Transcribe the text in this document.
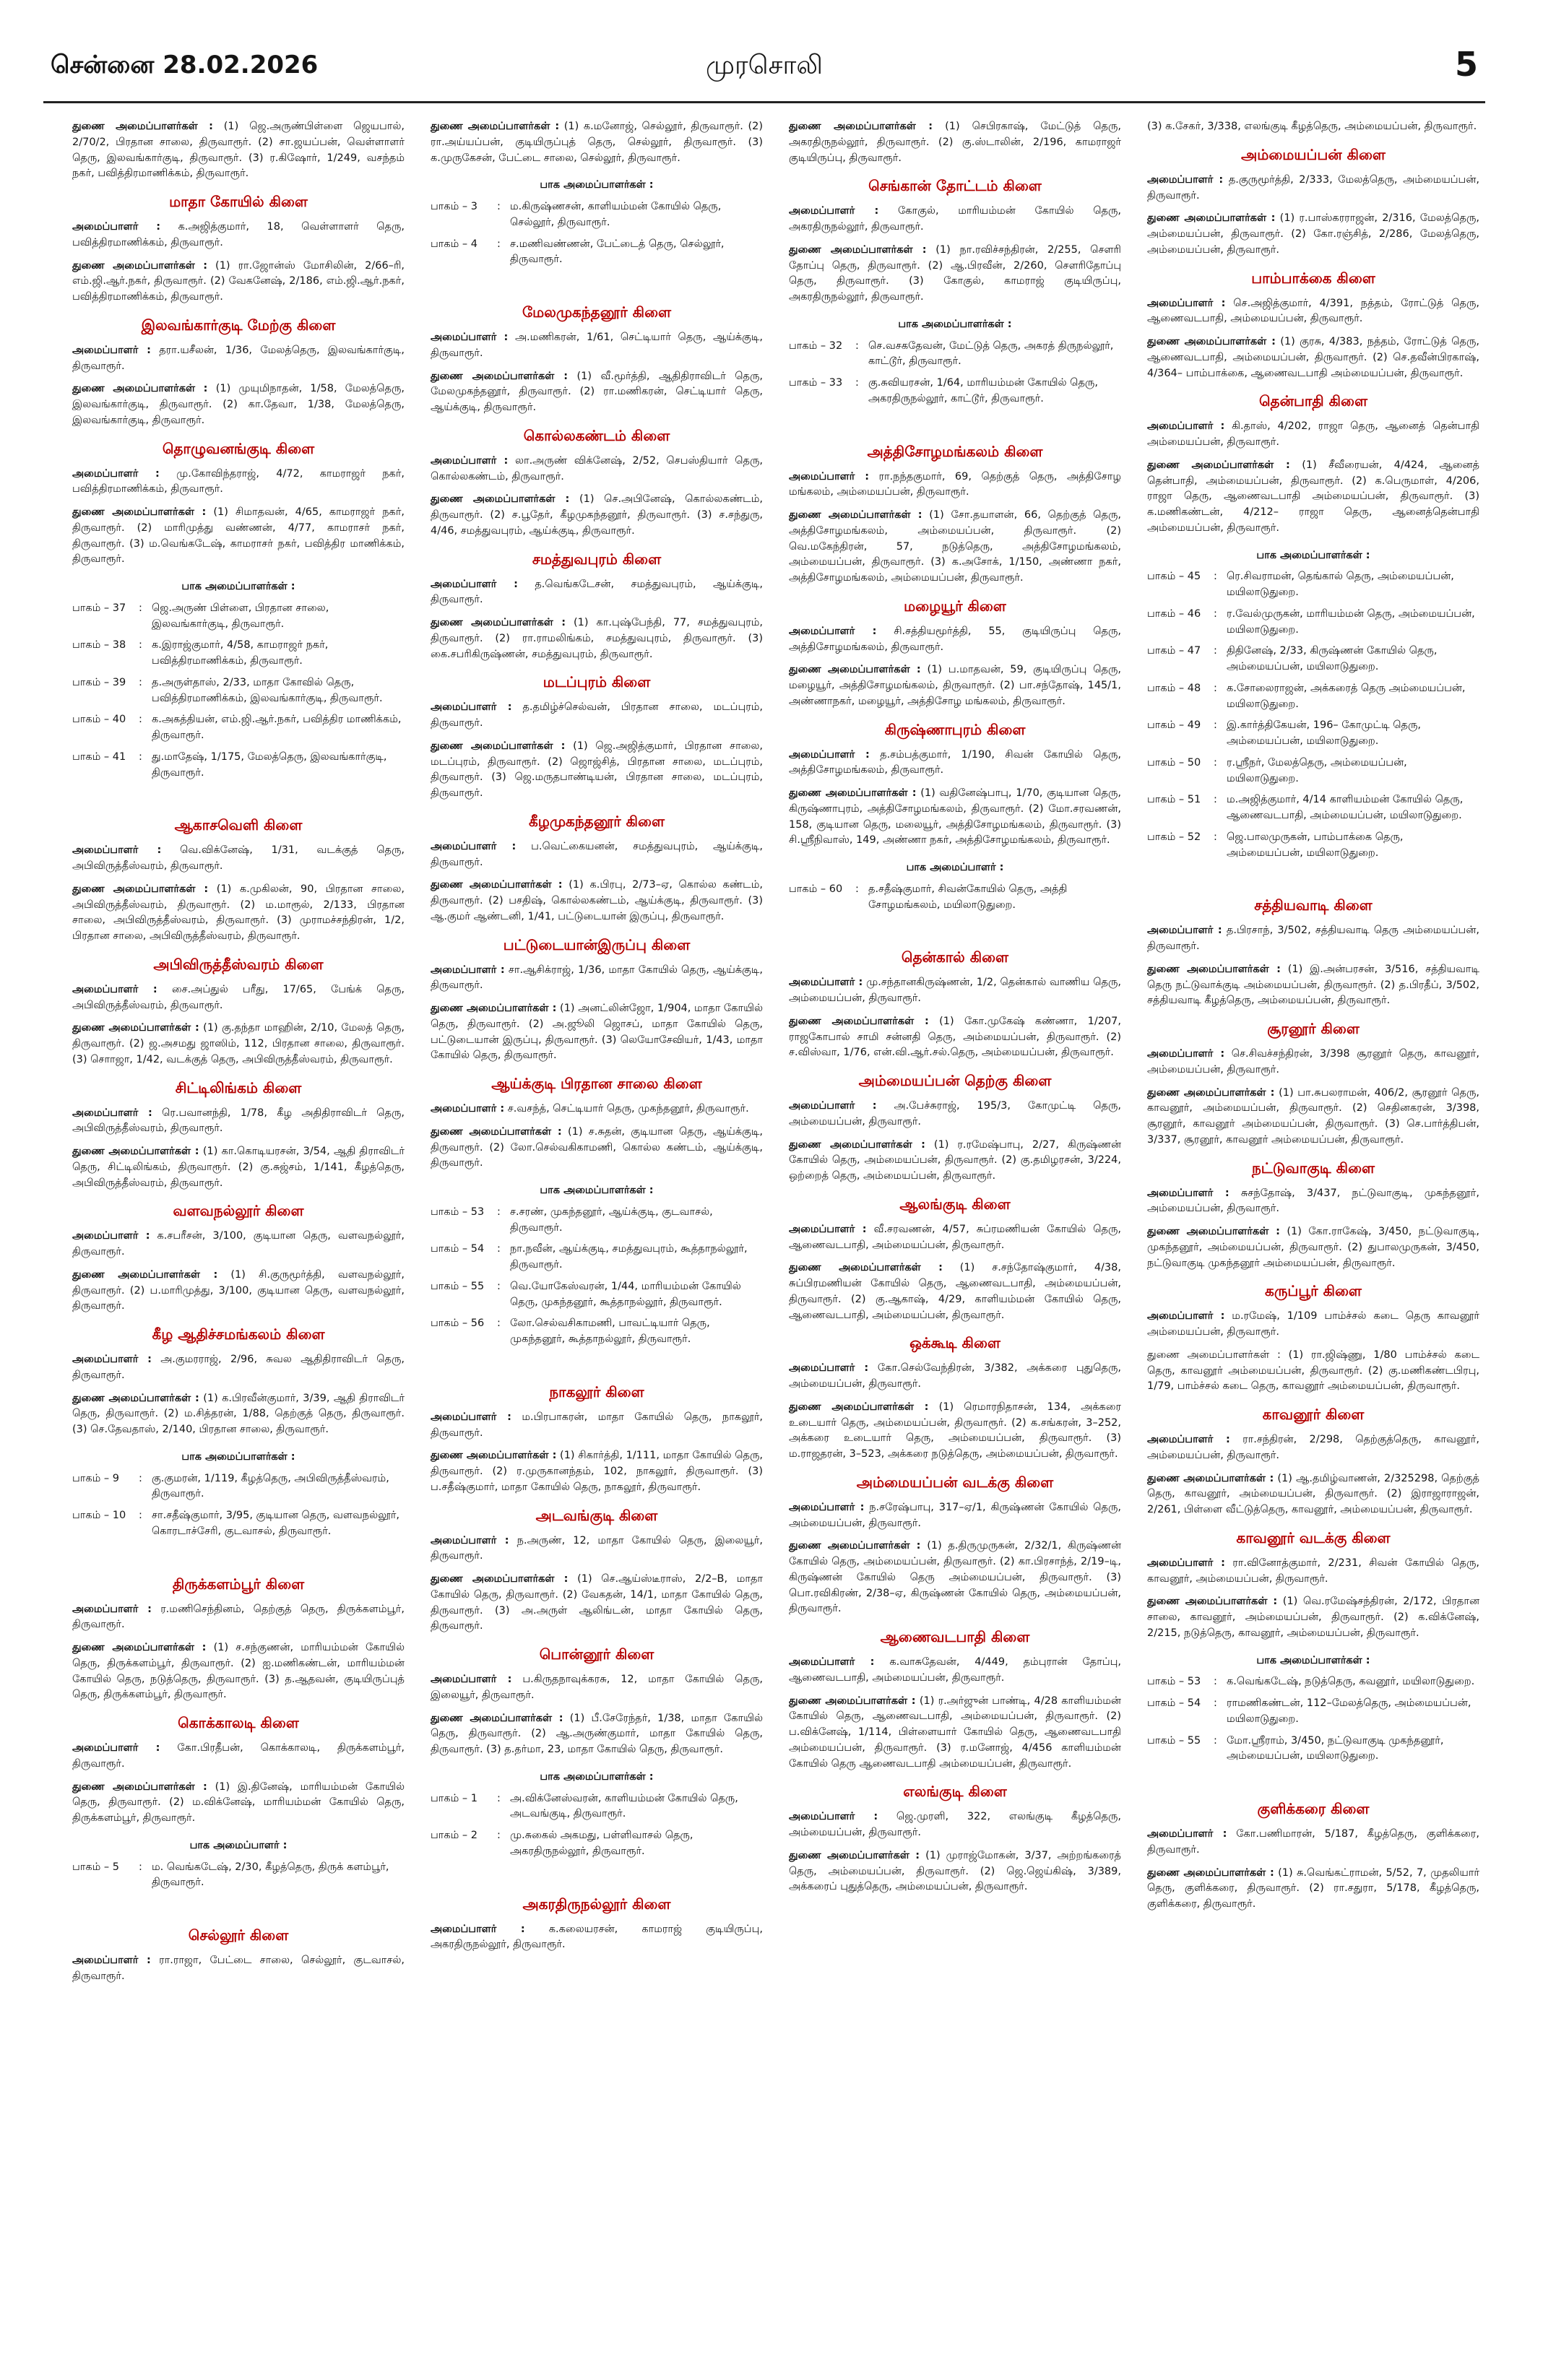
சென்னை 28.02.2026	முரசொலி	5

துணை அமைப்பாளர்கள் : (1) ஜெ.அருண்பிள்ளை ஜெயபால், 2/70/2, பிரதான சாலை, திருவாரூர். (2) சா.ஜயப்பன், வெள்ளாளர் தெரு, இலவங்கார்குடி, திருவாரூர். (3) ர.கிஷோர், 1/249, வசந்தம் நகர், பவித்திரமாணிக்கம், திருவாரூர்.

மாதா கோயில் கிளை

அமைப்பாளர் : க.அஜித்குமார், 18, வெள்ளாளர் தெரு, பவித்திரமாணிக்கம், திருவாரூர்.

துணை அமைப்பாளர்கள் : (1) ரா.ஜோன்ஸ் மோசிலின், 2/66–ரி, எம்.ஜி.ஆர்.நகர், திருவாரூர். (2) வேகனேஷ், 2/186, எம்.ஜி.ஆர்.நகர், பவித்திரமாணிக்கம், திருவாரூர்.

இலவங்கார்குடி மேற்கு கிளை

அமைப்பாளர் : தரா.யசீலன், 1/36, மேலத்தெரு, இலவங்கார்குடி, திருவாரூர்.

துணை அமைப்பாளர்கள் : (1) முயுமிநாதன், 1/58, மேலத்தெரு, இலவங்கார்குடி, திருவாரூர். (2) கா.தேவா, 1/38, மேலத்தெரு, இலவங்கார்குடி, திருவாரூர்.

தொழுவனங்குடி கிளை

அமைப்பாளர் : மு.கோவிந்தராஜ், 4/72, காமராஜர் நகர், பவித்திரமாணிக்கம், திருவாரூர்.

துணை அமைப்பாளர்கள் : (1) சிமாதவன், 4/65, காமராஜர் நகர், திருவாரூர். (2) மாரிமுத்து வண்ணன், 4/77, காமராசர் நகர், திருவாரூர். (3) ம.வெங்கடேஷ், காமராசர் நகர், பவித்திர மாணிக்கம், திருவாரூர்.

பாக அமைப்பாளர்கள் :
பாகம் – 37	: ஜெ.அருண் பிள்ளை, பிரதான சாலை, இலவங்கார்குடி, திருவாரூர்.
பாகம் – 38	: க.இராஜ்குமார், 4/58, காமராஜர் நகர், பவித்திரமாணிக்கம், திருவாரூர்.
பாகம் – 39	: த.அருள்தாஸ், 2/33, மாதா கோவில் தெரு, பவித்திரமாணிக்கம், இலவங்கார்குடி, திருவாரூர்.
பாகம் – 40	: க.அகத்தியன், எம்.ஜி.ஆர்.நகர், பவித்திர மாணிக்கம், திருவாரூர்.
பாகம் – 41	: து.மாதேஷ், 1/175, மேலத்தெரு, இலவங்கார்குடி, திருவாரூர்.
ஆகாசவெளி கிளை

அமைப்பாளர் : வெ.விக்னேஷ், 1/31, வடக்குத் தெரு, அபிவிருத்தீஸ்வரம், திருவாரூர்.

துணை அமைப்பாளர்கள் : (1) க.முகிலன், 90, பிரதான சாலை, அபிவிருத்தீஸ்வரம், திருவாரூர். (2) ம.மாரூல், 2/133, பிரதான சாலை, அபிவிருத்தீஸ்வரம், திருவாரூர். (3) முராமச்சந்திரன், 1/2, பிரதான சாலை, அபிவிருத்தீஸ்வரம், திருவாரூர்.

அபிவிருத்தீஸ்வரம் கிளை

அமைப்பாளர் : சை.அப்துல் பரீது, 17/65, பேங்க் தெரு, அபிவிருத்தீஸ்வரம், திருவாரூர்.

துணை அமைப்பாளர்கள் : (1) கு.தந்தா மாஹின், 2/10, மேலத் தெரு, திருவாரூர். (2) ஜ.அசமது ஜாஸிம், 112, பிரதான சாலை, திருவாரூர். (3) சொாஜா, 1/42, வடக்குத் தெரு, அபிவிருத்தீஸ்வரம், திருவாரூர்.

சிட்டிலிங்கம் கிளை

அமைப்பாளர் : ரெ.பவானந்தி, 1/78, கீழ அதிதிராவிடர் தெரு, அபிவிருத்தீஸ்வரம், திருவாரூர்.

துணை அமைப்பாளர்கள் : (1) கா.கொடியரசன், 3/54, ஆதி திராவிடர் தெரு, சிட்டிலிங்கம், திருவாரூர். (2) கு.சுஜ்சம், 1/141, கீழத்தெரு, அபிவிருத்தீஸ்வரம், திருவாரூர்.

வளவநல்லூர் கிளை

அமைப்பாளர் : க.சபரீசன், 3/100, குடியான தெரு, வளவநல்லூர், திருவாரூர்.

துணை அமைப்பாளர்கள் : (1) சி.குருமூர்த்தி, வளவநல்லூர், திருவாரூர். (2) ப.மாரிமுத்து, 3/100, குடியான தெரு, வளவநல்லூர், திருவாரூர்.

கீழ ஆதிச்சமங்கலம் கிளை

அமைப்பாளர் : அ.குமரராஜ், 2/96, சுவல ஆதிதிராவிடர் தெரு, திருவாரூர்.

துணை அமைப்பாளர்கள் : (1) க.பிரவீன்குமார், 3/39, ஆதி திராவிடர் தெரு, திருவாரூர். (2) ம.சித்தரன், 1/88, தெற்குத் தெரு, திருவாரூர். (3) செ.தேவதாஸ், 2/140, பிரதான சாலை, திருவாரூர்.

பாக அமைப்பாளர்கள் :
பாகம் – 9	: கு.குமரன், 1/119, கீழத்தெரு, அபிவிருத்தீஸ்வரம், திருவாரூர்.
பாகம் – 10	: சா.சதீஷ்குமார், 3/95, குடியான தெரு, வளவநல்லூர், கொரடாச்சேரி, குடவாசல், திருவாரூர்.
திருக்களம்பூர் கிளை

அமைப்பாளர் : ர.மணிசெந்தினம், தெற்குத் தெரு, திருக்களம்பூர், திருவாரூர்.

துணை அமைப்பாளர்கள் : (1) ச.சந்குணன், மாரியம்மன் கோயில் தெரு, திருக்களம்பூர், திருவாரூர். (2) ஐ.மணிகண்டன், மாரியம்மன் கோயில் தெரு, நடுத்தெரு, திருவாரூர். (3) த.ஆதவன், குடியிருப்புத் தெரு, திருக்களம்பூர், திருவாரூர்.

கொக்காலடி கிளை

அமைப்பாளர் : கோ.பிரதீபன், கொக்காலடி, திருக்களம்பூர், திருவாரூர்.

துணை அமைப்பாளர்கள் : (1) இ.தினேஷ், மாரியம்மன் கோயில் தெரு, திருவாரூர். (2) ம.விக்னேஷ், மாரியம்மன் கோயில் தெரு, திருக்களம்பூர், திருவாரூர்.

பாக அமைப்பாளர் :
பாகம் – 5	: ம. வெங்கடேஷ், 2/30, கீழத்தெரு, திருக் களம்பூர், திருவாரூர்.
செல்லூர் கிளை

அமைப்பாளர் : ரா.ராஜா, பேட்டை சாலை, செல்லூர், குடவாசல், திருவாரூர்.

துணை அமைப்பாளர்கள் : (1) க.மனோஜ், செல்லூர், திருவாரூர். (2) ரா.அய்யப்பன், குடியிருப்புத் தெரு, செல்லூர், திருவாரூர். (3) க.முருகேசன், பேட்டை சாலை, செல்லூர், திருவாரூர்.

பாக அமைப்பாளர்கள் :
பாகம் – 3	: ம.கிருஷ்ணசன், காளியம்மன் கோயில் தெரு, செல்லூர், திருவாரூர்.
பாகம் – 4	: ச.மணிவண்ணன், பேட்டைத் தெரு, செல்லூர், திருவாரூர்.
மேலமுகந்தனூர் கிளை

அமைப்பாளர் : அ.மணிகரன், 1/61, செட்டியார் தெரு, ஆய்க்குடி, திருவாரூர்.

துணை அமைப்பாளர்கள் : (1) வீ.மூர்த்தி, ஆதிதிராவிடர் தெரு, மேலமுகந்தனூர், திருவாரூர். (2) ரா.மணிகரன், செட்டியார் தெரு, ஆய்க்குடி, திருவாரூர்.

கொல்லகண்டம் கிளை

அமைப்பாளர் : லா.அருண் விக்னேஷ், 2/52, செபஸ்தியார் தெரு, கொல்லகண்டம், திருவாரூர்.

துணை அமைப்பாளர்கள் : (1) செ.அபினேஷ், கொல்லகண்டம், திருவாரூர். (2) ச.பூதேர், கீழமுகந்தனூர், திருவாரூர். (3) ச.சந்துரு, 4/46, சமத்துவபுரம், ஆய்க்குடி, திருவாரூர்.

சமத்துவபுரம் கிளை

அமைப்பாளர் : த.வெங்கடேசன், சமத்துவபுரம், ஆய்க்குடி, திருவாரூர்.

துணை அமைப்பாளர்கள் : (1) கா.புஷ்பேந்தி, 77, சமத்துவபுரம், திருவாரூர். (2) ரா.ராமலிங்கம், சமத்துவபுரம், திருவாரூர். (3) கை.சபரிகிருஷ்ணன், சமத்துவபுரம், திருவாரூர்.

மடப்புரம் கிளை

அமைப்பாளர் : த.தமிழ்ச்செல்வன், பிரதான சாலை, மடப்புரம், திருவாரூர்.

துணை அமைப்பாளர்கள் : (1) ஜெ.அஜித்குமார், பிரதான சாலை, மடப்புரம், திருவாரூர். (2) ஜொஜ்சித், பிரதான சாலை, மடப்புரம், திருவாரூர். (3) ஜெ.மருதபாண்டியன், பிரதான சாலை, மடப்புரம், திருவாரூர்.

கீழமுகந்தனூர் கிளை

அமைப்பாளர் : ப.வெட்கையனன், சமத்துவபுரம், ஆய்க்குடி, திருவாரூர்.

துணை அமைப்பாளர்கள் : (1) க.பிரபு, 2/73–ஏ, கொல்ல கண்டம், திருவாரூர். (2) பசதிஷ், கொல்லகண்டம், ஆய்க்குடி, திருவாரூர். (3) ஆ.குமர் ஆண்டனி, 1/41, பட்டுடையான் இருப்பு, திருவாரூர்.

பட்டுடையான்இருப்பு கிளை

அமைப்பாளர் : சா.ஆசிக்ராஜ், 1/36, மாதா கோயில் தெரு, ஆய்க்குடி, திருவாரூர்.

துணை அமைப்பாளர்கள் : (1) அனட்லின்ஜோ, 1/904, மாதா கோயில் தெரு, திருவாரூர். (2) அ.ஜூலி ஜொசப், மாதா கோயில் தெரு, பட்டுடையான் இருப்பு, திருவாரூர். (3) லெயோசேவியர், 1/43, மாதா கோயில் தெரு, திருவாரூர்.

ஆய்க்குடி பிரதான சாலை கிளை

அமைப்பாளர் : ச.வசந்த், செட்டியார் தெரு, முகந்தனூர், திருவாரூர்.

துணை அமைப்பாளர்கள் : (1) ச.சுதன், குடியான தெரு, ஆய்க்குடி, திருவாரூர். (2) லோ.செல்வகிகாமணி, கொல்ல கண்டம், ஆய்க்குடி, திருவாரூர்.

பாக அமைப்பாளர்கள் :
பாகம் – 53	: ச.சரண், முகந்தனூர், ஆய்க்குடி, குடவாசல், திருவாரூர்.
பாகம் – 54	: நா.நவீன், ஆய்க்குடி, சமத்துவபுரம், கூத்தாநல்லூர், திருவாரூர்.
பாகம் – 55	: வெ.யோகேஸ்வரன், 1/44, மாரியம்மன் கோயில் தெரு, முகந்தனூர், கூத்தாநல்லூர், திருவாரூர்.
பாகம் – 56	: லோ.செல்வசிகாமணி, பாவட்டியார் தெரு, முகந்தனூர், கூத்தாநல்லூர், திருவாரூர்.
நாகலூர் கிளை

அமைப்பாளர் : ம.பிரபாகரன், மாதா கோயில் தெரு, நாகலூர், திருவாரூர்.

துணை அமைப்பாளர்கள் : (1) சிகார்த்தி, 1/111, மாதா கோயில் தெரு, திருவாரூர். (2) ர.முருகானந்தம், 102, நாகலூர், திருவாரூர். (3) ப.சதீஷ்குமார், மாதா கோயில் தெரு, நாகலூர், திருவாரூர்.

அடவங்குடி கிளை

அமைப்பாளர் : ந.அருண், 12, மாதா கோயில் தெரு, இலையூர், திருவாரூர்.

துணை அமைப்பாளர்கள் : (1) செ.ஆய்ஸ்டீராஸ், 2/2–B, மாதா கோயில் தெரு, திருவாரூர். (2) வேகதன், 14/1, மாதா கோயில் தெரு, திருவாரூர். (3) அ.அருள் ஆலிங்டன், மாதா கோயில் தெரு, திருவாரூர்.

பொன்னூர் கிளை

அமைப்பாளர் : ப.கிருதநாவுக்கரசு, 12, மாதா கோயில் தெரு, இலையூர், திருவாரூர்.

துணை அமைப்பாளர்கள் : (1) பீ.சேரேந்தர், 1/38, மாதா கோயில் தெரு, திருவாரூர். (2) ஆ.அருண்குமார், மாதா கோயில் தெரு, திருவாரூர். (3) த.தர்மா, 23, மாதா கோயில் தெரு, திருவாரூர்.

பாக அமைப்பாளர்கள் :
பாகம் – 1	: அ.விக்னேஸ்வரன், காளியம்மன் கோயில் தெரு, அடவங்குடி, திருவாரூர்.
பாகம் – 2	: மு.சுகைல் அகமது, பள்ளிவாசல் தெரு, அகரதிருநல்லூர், திருவாரூர்.
அகரதிருநல்லூர் கிளை

அமைப்பாளர் : க.கலையரசன், காமராஜ் குடியிருப்பு, அகரதிருநல்லூர், திருவாரூர்.

துணை அமைப்பாளர்கள் : (1) செபிரகாஷ், மேட்டுத் தெரு, அகரதிருநல்லூர், திருவாரூர். (2) கு.ஸ்டாலின், 2/196, காமராஜர் குடியிருப்பு, திருவாரூர்.

செங்கான் தோட்டம் கிளை

அமைப்பாளர் : கோகுல், மாரியம்மன் கோயில் தெரு, அகரதிருநல்லூர், திருவாரூர்.

துணை அமைப்பாளர்கள் : (1) நா.ரவிச்சந்திரன், 2/255, சௌரி தோப்பு தெரு, திருவாரூர். (2) ஆ.பிரவீன், 2/260, சௌரிதோப்பு தெரு, திருவாரூர். (3) கோகுல், காமராஜ் குடியிருப்பு, அகரதிருநல்லூர், திருவாரூர்.

பாக அமைப்பாளர்கள் :
பாகம் – 32	: செ.வசகதேவன், மேட்டுத் தெரு, அகரத் திருநல்லூர், காட்டூர், திருவாரூர்.
பாகம் – 33	: கு.சுவியரசன், 1/64, மாரியம்மன் கோயில் தெரு, அகரதிருநல்லூர், காட்டூர், திருவாரூர்.
அத்திசோழமங்கலம் கிளை

அமைப்பாளர் : ரா.நந்தகுமார், 69, தெற்குத் தெரு, அத்திசோழ மங்கலம், அம்மையப்பன், திருவாரூர்.

துணை அமைப்பாளர்கள் : (1) சோ.தயாளன், 66, தெற்குத் தெரு, அத்திசோழமங்கலம், அம்மையப்பன், திருவாரூர். (2) வெ.மகேந்திரன், 57, நடுத்தெரு, அத்திசோழமங்கலம், அம்மையப்பன், திருவாரூர். (3) க.அசோக், 1/150, அண்ணா நகர், அத்திசோழமங்கலம், அம்மையப்பன், திருவாரூர்.

மழையூர் கிளை

அமைப்பாளர் : சி.சத்தியமூர்த்தி, 55, குடியிருப்பு தெரு, அத்திசோழமங்கலம், திருவாரூர்.

துணை அமைப்பாளர்கள் : (1) ப.மாதவன், 59, குடியிருப்பு தெரு, மழையூர், அத்திசோழமங்கலம், திருவாரூர். (2) பா.சந்தோஷ், 145/1, அண்ணாநகர், மழையூர், அத்திசோழ மங்கலம், திருவாரூர்.

கிருஷ்ணாபுரம் கிளை

அமைப்பாளர் : த.சம்பத்குமார், 1/190, சிவன் கோயில் தெரு, அத்திசோழமங்கலம், திருவாரூர்.

துணை அமைப்பாளர்கள் : (1) வதினேஷ்பாபு, 1/70, குடியான தெரு, கிருஷ்ணாபுரம், அத்திசோழமங்கலம், திருவாரூர். (2) மோ.சரவணன், 158, குடியான தெரு, மலையூர், அத்திசோழமங்கலம், திருவாரூர். (3) சி.ஸ்ரீநிவாஸ், 149, அண்ணா நகர், அத்திசோழமங்கலம், திருவாரூர்.

பாக அமைப்பாளர் :
பாகம் – 60	: த.சதீஷ்குமார், சிவன்கோயில் தெரு, அத்தி சோழமங்கலம், மயிலாடுதுறை.
தென்கால் கிளை

அமைப்பாளர் : மு.சந்தானகிருஷ்ணன், 1/2, தென்கால் வாணிய தெரு, அம்மையப்பன், திருவாரூர்.

துணை அமைப்பாளர்கள் : (1) கோ.முகேஷ் கண்ணா, 1/207, ராஜகோபால் சாமி சன்னதி தெரு, அம்மையப்பன், திருவாரூர். (2) ச.விஸ்வா, 1/76, என்.வி.ஆர்.சல்.தெரு, அம்மையப்பன், திருவாரூர்.

அம்மையப்பன் தெற்கு கிளை

அமைப்பாளர் : அ.பேச்சுராஜ், 195/3, கோமுட்டி தெரு, அம்மையப்பன், திருவாரூர்.

துணை அமைப்பாளர்கள் : (1) ர.ரமேஷ்பாபு, 2/27, கிருஷ்ணன் கோயில் தெரு, அம்மையப்பன், திருவாரூர். (2) கு.தமிழரசன், 3/224, ஒற்றைத் தெரு, அம்மையப்பன், திருவாரூர்.

ஆலங்குடி கிளை

அமைப்பாளர் : வீ.சரவணன், 4/57, சுப்ரமணியன் கோயில் தெரு, ஆணைவடபாதி, அம்மையப்பன், திருவாரூர்.

துணை அமைப்பாளர்கள் : (1) ச.சந்தோஷ்குமார், 4/38, சுப்பிரமணியன் கோயில் தெரு, ஆணைவடபாதி, அம்மையப்பன், திருவாரூர். (2) கு.ஆகாஷ், 4/29, காளியம்மன் கோயில் தெரு, ஆணைவடபாதி, அம்மையப்பன், திருவாரூர்.

ஒக்கூடி கிளை

அமைப்பாளர் : கோ.செல்வேந்திரன், 3/382, அக்கரை புதுதெரு, அம்மையப்பன், திருவாரூர்.

துணை அமைப்பாளர்கள் : (1) ரெமாரநிதாசன், 134, அக்கரை உடையார் தெரு, அம்மையப்பன், திருவாரூர். (2) க.சங்கரன், 3–252, அக்கரை உடையார் தெரு, அம்மையப்பன், திருவாரூர். (3) ம.ராஜதரன், 3–523, அக்கரை நடுத்தெரு, அம்மையப்பன், திருவாரூர்.

அம்மையப்பன் வடக்கு கிளை

அமைப்பாளர் : ந.சரேஷ்பாபு, 317–ஏ/1, கிருஷ்ணன் கோயில் தெரு, அம்மையப்பன், திருவாரூர்.

துணை அமைப்பாளர்கள் : (1) த.திருமுருகன், 2/32/1, கிருஷ்ணன் கோயில் தெரு, அம்மையப்பன், திருவாரூர். (2) கா.பிரசாந்த், 2/19–டி, கிருஷ்ணன் கோயில் தெரு அம்மையப்பன், திருவாரூர். (3) பொ.ரவிகிரண், 2/38–ஏ, கிருஷ்ணன் கோயில் தெரு, அம்மையப்பன், திருவாரூர்.

ஆணைவடபாதி கிளை

அமைப்பாளர் : க.வாசுதேவன், 4/449, தம்புரான் தோப்பு, ஆணைவடபாதி, அம்மையப்பன், திருவாரூர்.

துணை அமைப்பாளர்கள் : (1) ர.அர்ஜுன் பாண்டி, 4/28 காளியம்மன் கோயில் தெரு, ஆணைவடபாதி, அம்மையப்பன், திருவாரூர். (2) ப.விக்னேஷ், 1/114, பிள்ளையார் கோயில் தெரு, ஆணைவடபாதி அம்மையப்பன், திருவாரூர். (3) ர.மனோஜ், 4/456 காளியம்மன் கோயில் தெரு ஆணைவடபாதி அம்மையப்பன், திருவாரூர்.

எலங்குடி கிளை

அமைப்பாளர் : ஜெ.முரளி, 322, எலங்குடி கீழத்தெரு, அம்மையப்பன், திருவாரூர்.

துணை அமைப்பாளர்கள் : (1) முராஜ்மோகன், 3/37, அற்றங்கரைத் தெரு, அம்மையப்பன், திருவாரூர். (2) ஜெ.ஜெய்கிஷ், 3/389, அக்கரைப் புதுத்தெரு, அம்மையப்பன், திருவாரூர்.

(3) க.சேகர், 3/338, எலங்குடி கீழத்தெரு, அம்மையப்பன், திருவாரூர்.

அம்மையப்பன் கிளை

அமைப்பாளர் : த.குருமூர்த்தி, 2/333, மேலத்தெரு, அம்மையப்பன், திருவாரூர்.

துணை அமைப்பாளர்கள் : (1) ர.பாஸ்கரராஜன், 2/316, மேலத்தெரு, அம்மையப்பன், திருவாரூர். (2) கோ.ரஞ்சித், 2/286, மேலத்தெரு, அம்மையப்பன், திருவாரூர்.

பாம்பாக்கை கிளை

அமைப்பாளர் : செ.அஜித்குமார், 4/391, நத்தம், ரோட்டுத் தெரு, ஆணைவடபாதி, அம்மையப்பன், திருவாரூர்.

துணை அமைப்பாளர்கள் : (1) குரசு, 4/383, நத்தம், ரோட்டுத் தெரு, ஆணைவடபாதி, அம்மையப்பன், திருவாரூர். (2) செ.தவீன்பிரகாஷ், 4/364– பாம்பாக்கை, ஆணைவடபாதி அம்மையப்பன், திருவாரூர்.

தென்பாதி கிளை

அமைப்பாளர் : கி.தாஸ், 4/202, ராஜா தெரு, ஆனைத் தென்பாதி அம்மையப்பன், திருவாரூர்.

துணை அமைப்பாளர்கள் : (1) சீவீரையன், 4/424, ஆனைத் தென்பாதி, அம்மையப்பன், திருவாரூர். (2) க.பெருமாள், 4/206, ராஜா தெரு, ஆணைவடபாதி அம்மையப்பன், திருவாரூர். (3) க.மணிகண்டன், 4/212– ராஜா தெரு, ஆனைத்தென்பாதி அம்மையப்பன், திருவாரூர்.

பாக அமைப்பாளர்கள் :
பாகம் – 45	: ரெ.சிவராமன், தெங்கால் தெரு, அம்மையப்பன், மயிலாடுதுறை.
பாகம் – 46	: ர.வேல்முருகன், மாரியம்மன் தெரு, அம்மையப்பன், மயிலாடுதுறை.
பாகம் – 47	: திதினேஷ், 2/33, கிருஷ்ணன் கோயில் தெரு, அம்மையப்பன், மயிலாடுதுறை.
பாகம் – 48	: க.சோலைராஜன், அக்கரைத் தெரு அம்மையப்பன், மயிலாடுதுறை.
பாகம் – 49	: இ.கார்த்திகேயன், 196– கோமுட்டி தெரு, அம்மையப்பன், மயிலாடுதுறை.
பாகம் – 50	: ர.ஸ்ரீநர், மேலத்தெரு, அம்மையப்பன், மயிலாடுதுறை.
பாகம் – 51	: ம.அஜித்குமார், 4/14 காளியம்மன் கோயில் தெரு, ஆணைவடபாதி, அம்மையப்பன், மயிலாடுதுறை.
பாகம் – 52	: ஜெ.பாலமுருகன், பாம்பாக்கை தெரு, அம்மையப்பன், மயிலாடுதுறை.
சத்தியவாடி கிளை

அமைப்பாளர் : த.பிரசாந், 3/502, சத்தியவாடி தெரு அம்மையப்பன், திருவாரூர்.

துணை அமைப்பாளர்கள் : (1) இ.அன்பரசன், 3/516, சத்தியவாடி தெரு நட்டுவாக்குடி அம்மையப்பன், திருவாரூர். (2) த.பிரதீப், 3/502, சத்தியவாடி கீழத்தெரு, அம்மையப்பன், திருவாரூர்.

சூரனூர் கிளை

அமைப்பாளர் : செ.சிவச்சந்திரன், 3/398 சூரனூர் தெரு, காவனூர், அம்மையப்பன், திருவாரூர்.

துணை அமைப்பாளர்கள் : (1) பா.சுபலராமன், 406/2, சூரனூர் தெரு, காவனூர், அம்மையப்பன், திருவாரூர். (2) செதினகரன், 3/398, சூரனூர், காவனூர் அம்மையப்பன், திருவாரூர். (3) செ.பார்த்திபன், 3/337, சூரனூர், காவனூர் அம்மையப்பன், திருவாரூர்.

நட்டுவாகுடி கிளை

அமைப்பாளர் : சுசந்தோஷ், 3/437, நட்டுவாகுடி, முகந்தனூர், அம்மையப்பன், திருவாரூர்.

துணை அமைப்பாளர்கள் : (1) கோ.ராகேஷ், 3/450, நட்டுவாகுடி, முகந்தனூர், அம்மையப்பன், திருவாரூர். (2) துபாலமுருகன், 3/450, நட்டுவாகுடி முகந்தனூர் அம்மையப்பன், திருவாரூர்.

கருப்பூர் கிளை

அமைப்பாளர் : ம.ரமேஷ், 1/109 பாம்ச்சல் கடை தெரு காவனூர் அம்மையப்பன், திருவாரூர்.

துணை அமைப்பாளர்கள் : (1) ரா.ஜிஷ்ணு, 1/80 பாம்ச்சல் கடை தெரு, காவனூர் அம்மையப்பன், திருவாரூர். (2) கு.மணிகண்டபிரபு, 1/79, பாம்ச்சல் கடை தெரு, காவனூர் அம்மையப்பன், திருவாரூர்.

காவனூர் கிளை

அமைப்பாளர் : ரா.சந்திரன், 2/298, தெற்குத்தெரு, காவனூர், அம்மையப்பன், திருவாரூர்.

துணை அமைப்பாளர்கள் : (1) ஆ.தமிழ்வாணன், 2/325298, தெற்குத் தெரு, காவனூர், அம்மையப்பன், திருவாரூர். (2) இராஜாராஜன், 2/261, பிள்ளை வீட்டுத்தெரு, காவனூர், அம்மையப்பன், திருவாரூர்.

காவனூர் வடக்கு கிளை

அமைப்பாளர் : ரா.வினோத்குமார், 2/231, சிவன் கோயில் தெரு, காவனூர், அம்மையப்பன், திருவாரூர்.

துணை அமைப்பாளர்கள் : (1) வெ.ரமேஷ்சந்திரன், 2/172, பிரதான சாலை, காவனூர், அம்மையப்பன், திருவாரூர். (2) க.விக்னேஷ், 2/215, நடுத்தெரு, காவனூர், அம்மையப்பன், திருவாரூர்.

பாக அமைப்பாளர்கள் :
பாகம் – 53	: க.வெங்கடேஷ், நடுத்தெரு, கவனூர், மயிலாடுதுறை.
பாகம் – 54	: ராமணிகண்டன், 112–மேலத்தெரு, அம்மையப்பன், மயிலாடுதுறை.
பாகம் – 55	: மோ.ஸ்ரீராம், 3/450, நட்டுவாகுடி முகந்தனூர், அம்மையப்பன், மயிலாடுதுறை.
குளிக்கரை கிளை

அமைப்பாளர் : கோ.பணிமாரன், 5/187, கீழத்தெரு, குளிக்கரை, திருவாரூர்.

துணை அமைப்பாளர்கள் : (1) சு.வெங்கட்ராமன், 5/52, 7, முதலியார் தெரு, குளிக்கரை, திருவாரூர். (2) ரா.சதுரா, 5/178, கீழத்தெரு, குளிக்கரை, திருவாரூர்.
